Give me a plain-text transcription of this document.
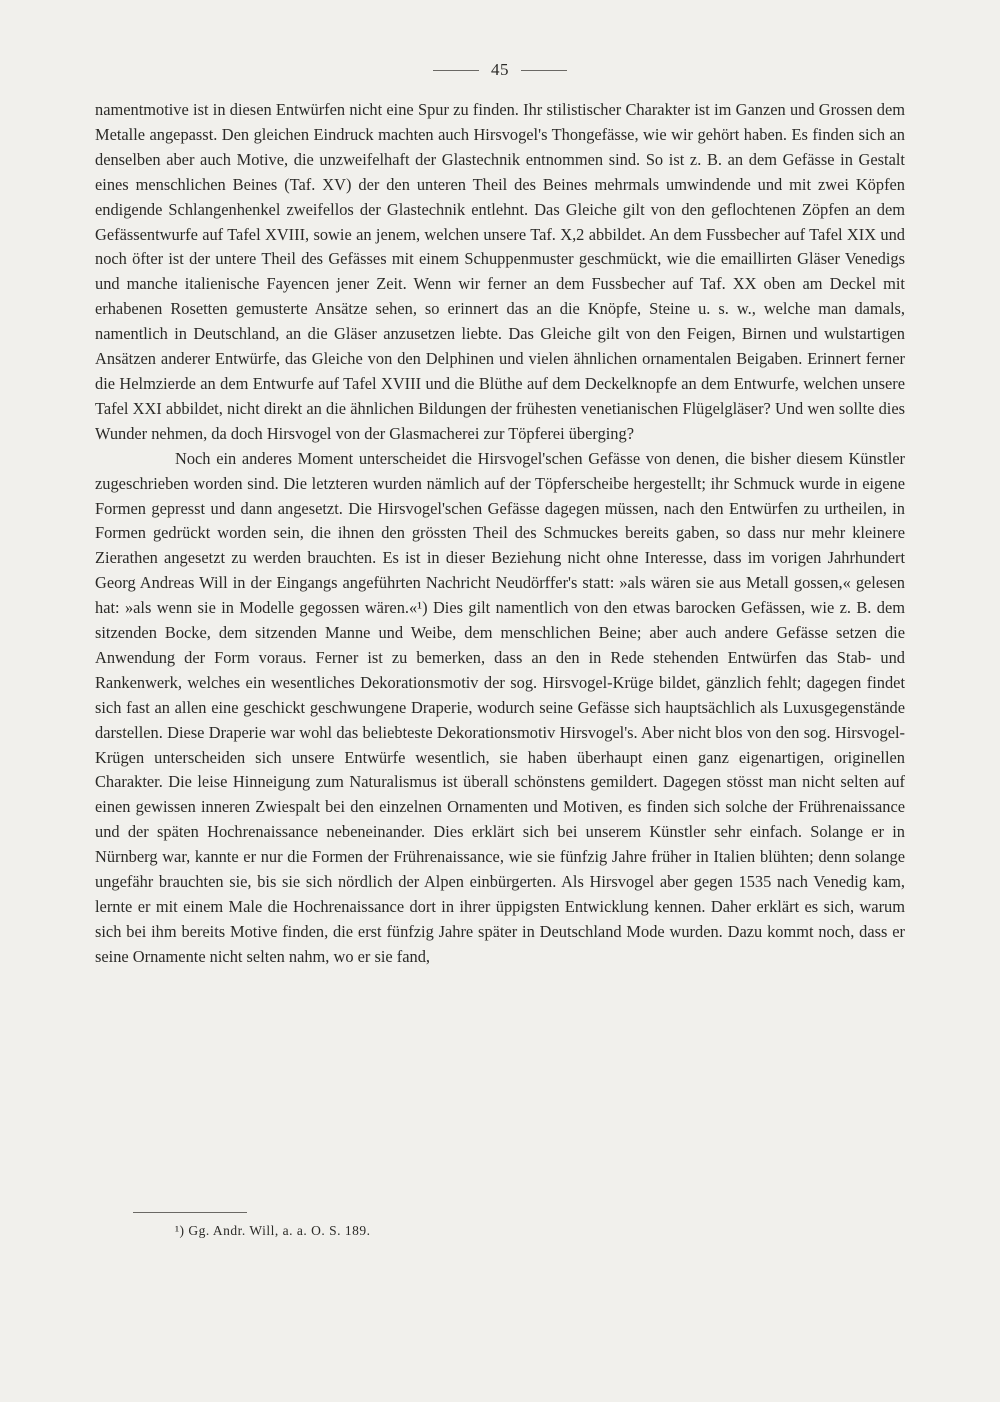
45

namentmotive ist in diesen Entwürfen nicht eine Spur zu finden. Ihr stilistischer Charakter ist im Ganzen und Grossen dem Metalle angepasst. Den gleichen Eindruck machten auch Hirsvogel's Thongefässe, wie wir gehört haben. Es finden sich an denselben aber auch Motive, die unzweifelhaft der Glastechnik entnommen sind. So ist z. B. an dem Gefässe in Gestalt eines menschlichen Beines (Taf. XV) der den unteren Theil des Beines mehrmals umwindende und mit zwei Köpfen endigende Schlangenhenkel zweifellos der Glastechnik entlehnt. Das Gleiche gilt von den geflochtenen Zöpfen an dem Gefässentwurfe auf Tafel XVIII, sowie an jenem, welchen unsere Taf. X,2 abbildet. An dem Fussbecher auf Tafel XIX und noch öfter ist der untere Theil des Gefässes mit einem Schuppenmuster geschmückt, wie die emaillirten Gläser Venedigs und manche italienische Fayencen jener Zeit. Wenn wir ferner an dem Fussbecher auf Taf. XX oben am Deckel mit erhabenen Rosetten gemusterte Ansätze sehen, so erinnert das an die Knöpfe, Steine u. s. w., welche man damals, namentlich in Deutschland, an die Gläser anzusetzen liebte. Das Gleiche gilt von den Feigen, Birnen und wulstartigen Ansätzen anderer Entwürfe, das Gleiche von den Delphinen und vielen ähnlichen ornamentalen Beigaben. Erinnert ferner die Helmzierde an dem Entwurfe auf Tafel XVIII und die Blüthe auf dem Deckelknopfe an dem Entwurfe, welchen unsere Tafel XXI abbildet, nicht direkt an die ähnlichen Bildungen der frühesten venetianischen Flügelgläser? Und wen sollte dies Wunder nehmen, da doch Hirsvogel von der Glasmacherei zur Töpferei überging?

Noch ein anderes Moment unterscheidet die Hirsvogel'schen Gefässe von denen, die bisher diesem Künstler zugeschrieben worden sind. Die letzteren wurden nämlich auf der Töpferscheibe hergestellt; ihr Schmuck wurde in eigene Formen gepresst und dann angesetzt. Die Hirsvogel'schen Gefässe dagegen müssen, nach den Entwürfen zu urtheilen, in Formen gedrückt worden sein, die ihnen den grössten Theil des Schmuckes bereits gaben, so dass nur mehr kleinere Zierathen angesetzt zu werden brauchten. Es ist in dieser Beziehung nicht ohne Interesse, dass im vorigen Jahrhundert Georg Andreas Will in der Eingangs angeführten Nachricht Neudörffer's statt: »als wären sie aus Metall gossen,« gelesen hat: »als wenn sie in Modelle gegossen wären.«¹) Dies gilt namentlich von den etwas barocken Gefässen, wie z. B. dem sitzenden Bocke, dem sitzenden Manne und Weibe, dem menschlichen Beine; aber auch andere Gefässe setzen die Anwendung der Form voraus. Ferner ist zu bemerken, dass an den in Rede stehenden Entwürfen das Stab- und Rankenwerk, welches ein wesentliches Dekorationsmotiv der sog. Hirsvogel-Krüge bildet, gänzlich fehlt; dagegen findet sich fast an allen eine geschickt geschwungene Draperie, wodurch seine Gefässe sich hauptsächlich als Luxusgegenstände darstellen. Diese Draperie war wohl das beliebteste Dekorationsmotiv Hirsvogel's. Aber nicht blos von den sog. Hirsvogel-Krügen unterscheiden sich unsere Entwürfe wesentlich, sie haben überhaupt einen ganz eigenartigen, originellen Charakter. Die leise Hinneigung zum Naturalismus ist überall schönstens gemildert. Dagegen stösst man nicht selten auf einen gewissen inneren Zwiespalt bei den einzelnen Ornamenten und Motiven, es finden sich solche der Frührenaissance und der späten Hochrenaissance nebeneinander. Dies erklärt sich bei unserem Künstler sehr einfach. Solange er in Nürnberg war, kannte er nur die Formen der Frührenaissance, wie sie fünfzig Jahre früher in Italien blühten; denn solange ungefähr brauchten sie, bis sie sich nördlich der Alpen einbürgerten. Als Hirsvogel aber gegen 1535 nach Venedig kam, lernte er mit einem Male die Hochrenaissance dort in ihrer üppigsten Entwicklung kennen. Daher erklärt es sich, warum sich bei ihm bereits Motive finden, die erst fünfzig Jahre später in Deutschland Mode wurden. Dazu kommt noch, dass er seine Ornamente nicht selten nahm, wo er sie fand,

¹) Gg. Andr. Will, a. a. O. S. 189.
